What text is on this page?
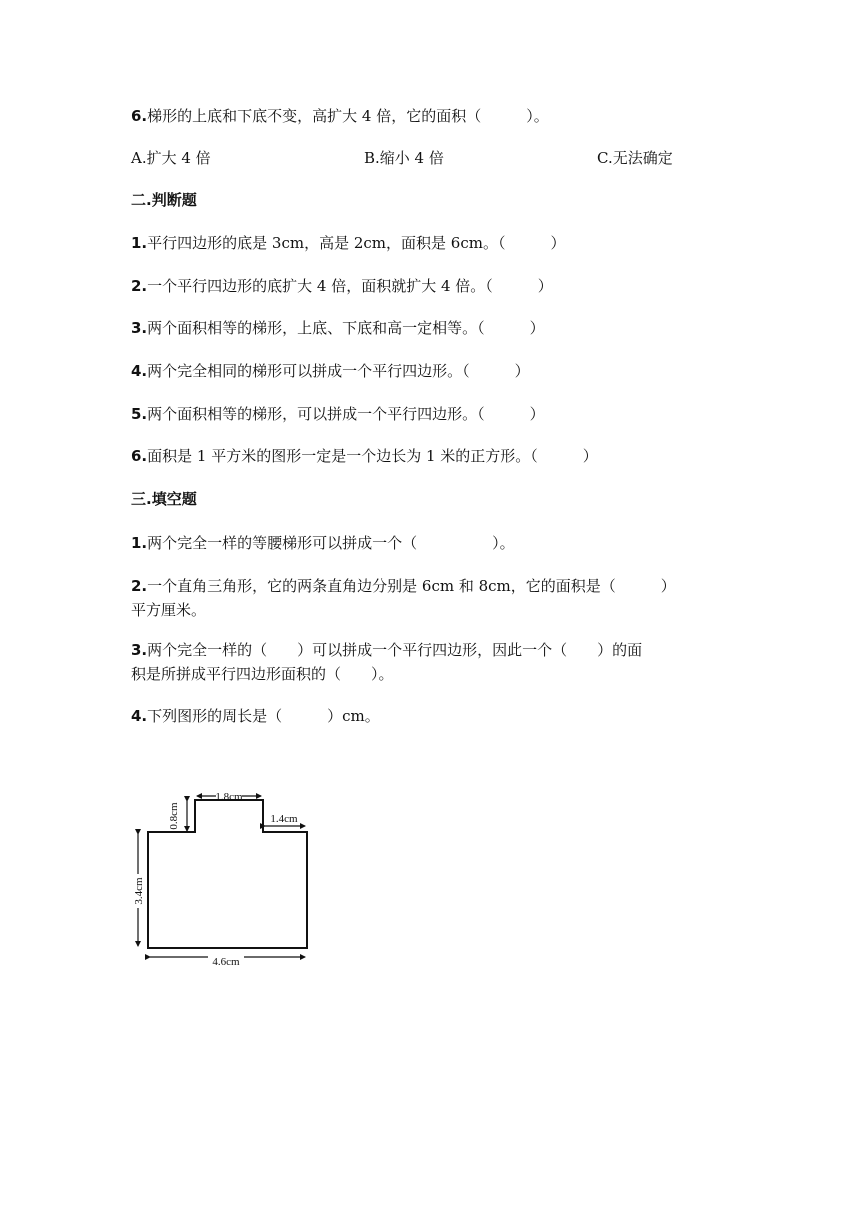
6.梯形的上底和下底不变，高扩大 4 倍，它的面积（　　　）。
A.扩大 4 倍	B.缩小 4 倍	C.无法确定
二.判断题
1.平行四边形的底是 3cm，高是 2cm，面积是 6cm。（　　　）
2.一个平行四边形的底扩大 4 倍，面积就扩大 4 倍。（　　　）
3.两个面积相等的梯形，上底、下底和高一定相等。（　　　）
4.两个完全相同的梯形可以拼成一个平行四边形。（　　　）
5.两个面积相等的梯形，可以拼成一个平行四边形。（　　　）
6.面积是 1 平方米的图形一定是一个边长为 1 米的正方形。（　　　）
三.填空题
1.两个完全一样的等腰梯形可以拼成一个（　　　　　）。
2.一个直角三角形，它的两条直角边分别是 6cm 和 8cm，它的面积是（　　　）
平方厘米。
3.两个完全一样的（　　）可以拼成一个平行四边形，因此一个（　　）的面
积是所拼成平行四边形面积的（　　）。
4.下列图形的周长是（　　　）cm。
1.8cm
0.8cm	1.4cm
3.4cm
4.6cm
